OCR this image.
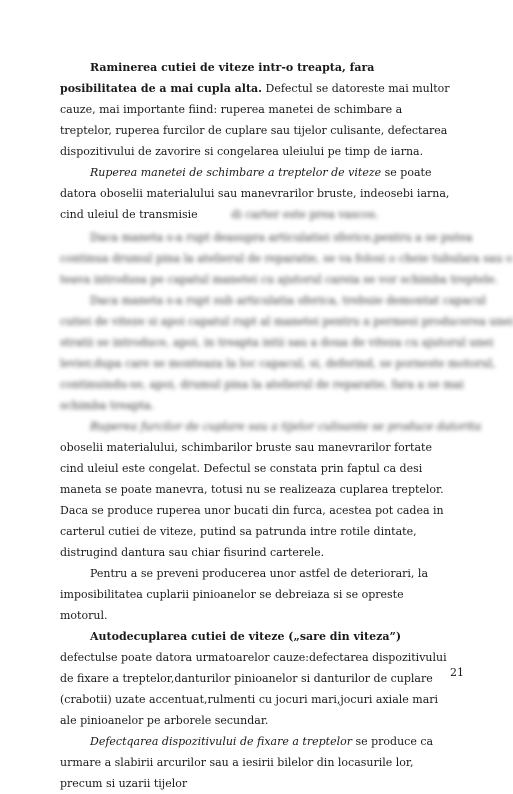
Raminerea cutiei de viteze intr-o treapta, fara posibilitatea de a mai cupla alta. Defectul se datoreste mai multor cauze, mai importante fiind: ruperea manetei de schimbare a treptelor, ruperea furcilor de cuplare sau tijelor culisante, defectarea dispozitivului de zavorire si congelarea uleiului pe timp de iarna.

Ruperea manetei de schimbare a treptelor de viteze se poate datora oboselii materialului sau manevrarilor bruste, indeosebi iarna, cind uleiul de transmisie	di carter este prea vascos.

Daca maneta s-a rupt deasupra articulatiei sferice,pentru a se putea
continua drumul pina la atelierul de reparatie, se va folosi o cheie tubulara sau o
teava introdusa pe capatul manetei cu ajutorul careia se vor schimba treptele.
Daca maneta s-a rupt sub articulatia sferica, trebuie demontat capacul
cutiei de viteze si apoi capatul rupt al manetei pentru a permesi producerea unei
stratii se introduce, apoi, in treapta intii sau a doua de viteza cu ajutorul unei
levier,dupa care se monteaza la loc capacul, si, deferind, se porneste motorul,
continuindu-se, apoi, drumul pina la atelierul de reparatie, fara a se mai
schimba treapta.
Ruperea furcilor de cuplare sau a tijelor culisante se produce datorita

oboselii materialului, schimbarilor bruste sau manevrarilor fortate cind uleiul este congelat. Defectul se constata prin faptul ca desi maneta se poate manevra, totusi nu se realizeaza cuplarea treptelor. Daca se produce ruperea unor bucati din furca, acestea pot cadea in carterul cutiei de viteze, putind sa patrunda intre rotile dintate, distrugind dantura sau chiar fisurind carterele.

Pentru a se preveni producerea unor astfel de deteriorari, la imposibilitatea cuplarii pinioanelor se debreiaza si se opreste motorul.

Autodecuplarea cutiei de viteze („sare din viteza”) defectulse poate datora urmatoarelor cauze:defectarea dispozitivului de fixare a treptelor,danturilor pinioanelor si danturilor de cuplare (crabotii) uzate accentuat,rulmenti cu jocuri mari,jocuri axiale mari ale pinioanelor pe arborele secundar.

Defectqarea dispozitivului de fixare a treptelor se produce ca urmare a slabirii arcurilor sau a iesirii bilelor din locasurile lor, precum si uzarii tijelor

21
